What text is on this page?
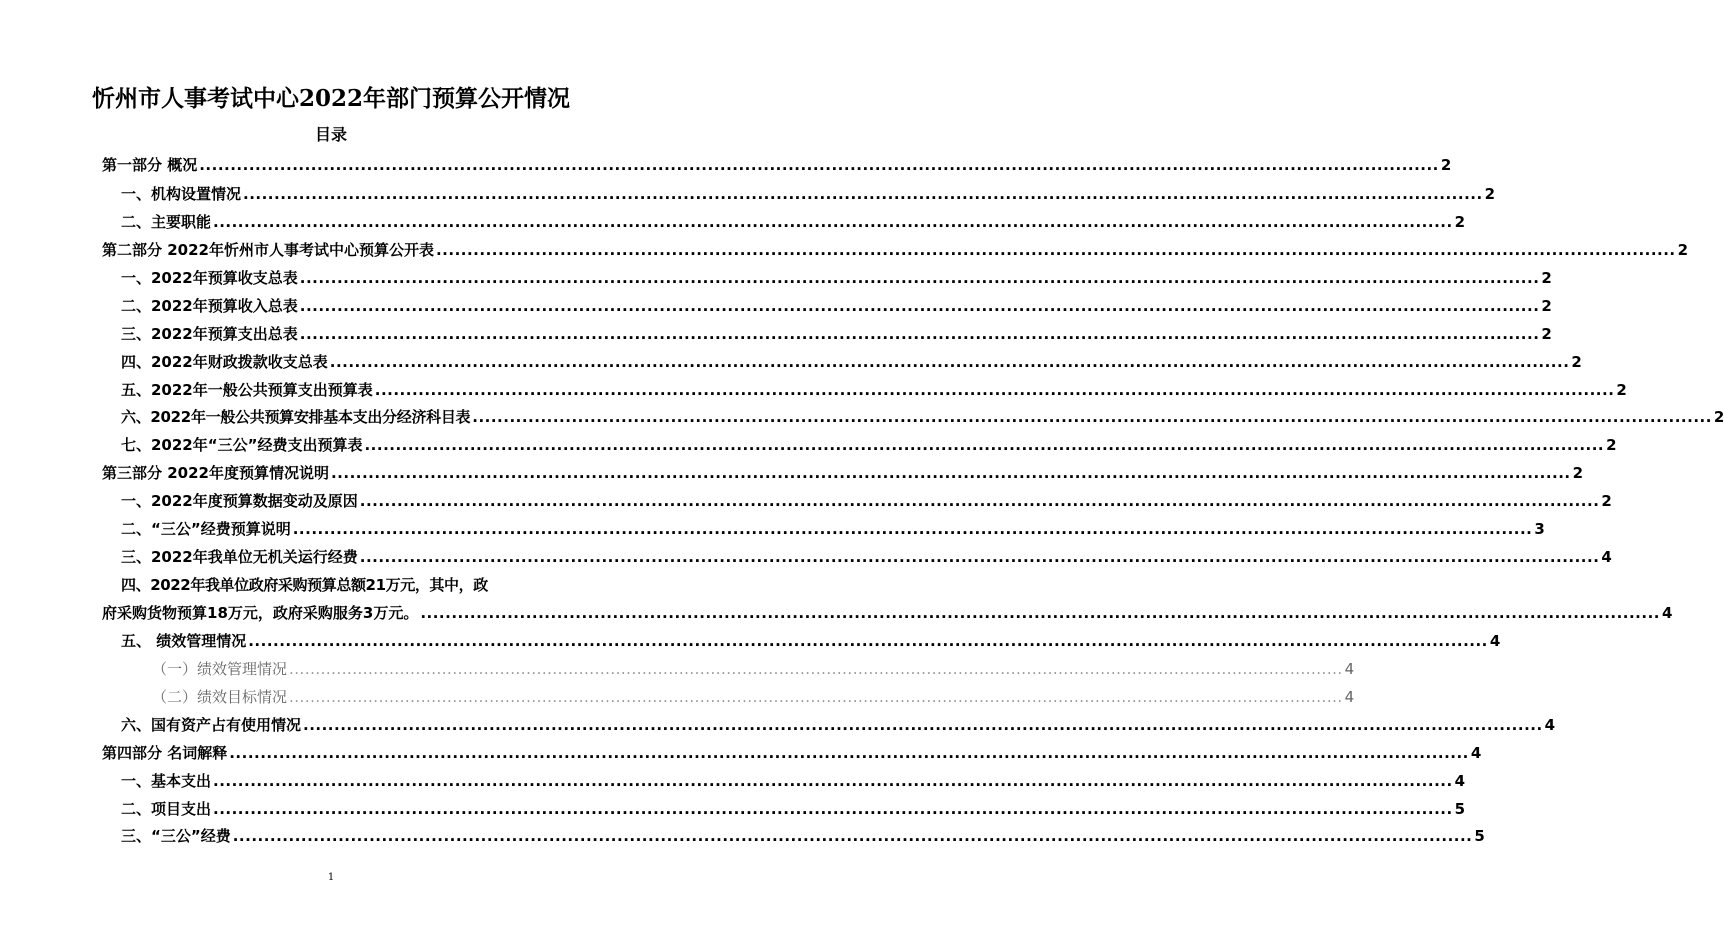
忻州市人事考试中心2022年部门预算公开情况
目录
第一部分 概况 ........................................................................................................................................................................................................ 2
一、机构设置情况 ........................................................................................................................................................................................................ 2
二、主要职能 ........................................................................................................................................................................................................ 2
第二部分 2022年忻州市人事考试中心预算公开表 ........................................................................................................................................................................................................ 2
一、2022年预算收支总表 ........................................................................................................................................................................................................ 2
二、2022年预算收入总表 ........................................................................................................................................................................................................ 2
三、2022年预算支出总表 ........................................................................................................................................................................................................ 2
四、2022年财政拨款收支总表 ........................................................................................................................................................................................................ 2
五、2022年一般公共预算支出预算表 ........................................................................................................................................................................................................ 2
六、2022年一般公共预算安排基本支出分经济科目表 ........................................................................................................................................................................................................ 2
七、2022年“三公”经费支出预算表 ........................................................................................................................................................................................................ 2
第三部分 2022年度预算情况说明 ........................................................................................................................................................................................................ 2
一、2022年度预算数据变动及原因 ........................................................................................................................................................................................................ 2
二、“三公”经费预算说明 ........................................................................................................................................................................................................ 3
三、2022年我单位无机关运行经费 ........................................................................................................................................................................................................ 4
四、2022年我单位政府采购预算总额21万元，其中，政
府采购货物预算18万元，政府采购服务3万元。 ........................................................................................................................................................................................................ 4
五、 绩效管理情况 ........................................................................................................................................................................................................ 4
（一）绩效管理情况 ........................................................................................................................................................................................................ 4
（二）绩效目标情况 ........................................................................................................................................................................................................ 4
六、国有资产占有使用情况 ........................................................................................................................................................................................................ 4
第四部分 名词解释 ........................................................................................................................................................................................................ 4
一、基本支出 ........................................................................................................................................................................................................ 4
二、项目支出 ........................................................................................................................................................................................................ 5
三、“三公”经费 ........................................................................................................................................................................................................ 5
1
